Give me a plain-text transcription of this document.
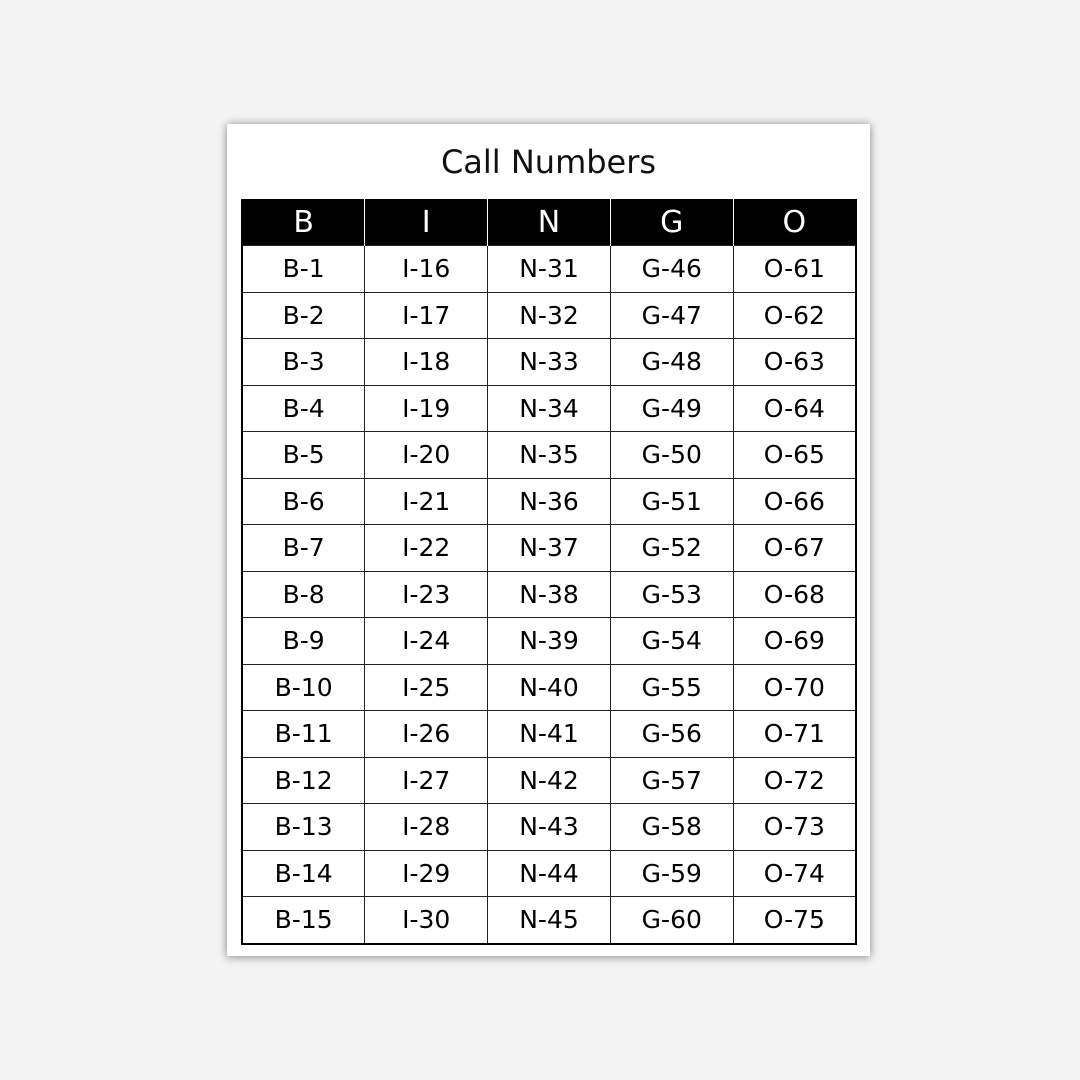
Call Numbers
B	I	N	G	O
B-1	I-16	N-31	G-46	O-61
B-2	I-17	N-32	G-47	O-62
B-3	I-18	N-33	G-48	O-63
B-4	I-19	N-34	G-49	O-64
B-5	I-20	N-35	G-50	O-65
B-6	I-21	N-36	G-51	O-66
B-7	I-22	N-37	G-52	O-67
B-8	I-23	N-38	G-53	O-68
B-9	I-24	N-39	G-54	O-69
B-10	I-25	N-40	G-55	O-70
B-11	I-26	N-41	G-56	O-71
B-12	I-27	N-42	G-57	O-72
B-13	I-28	N-43	G-58	O-73
B-14	I-29	N-44	G-59	O-74
B-15	I-30	N-45	G-60	O-75
